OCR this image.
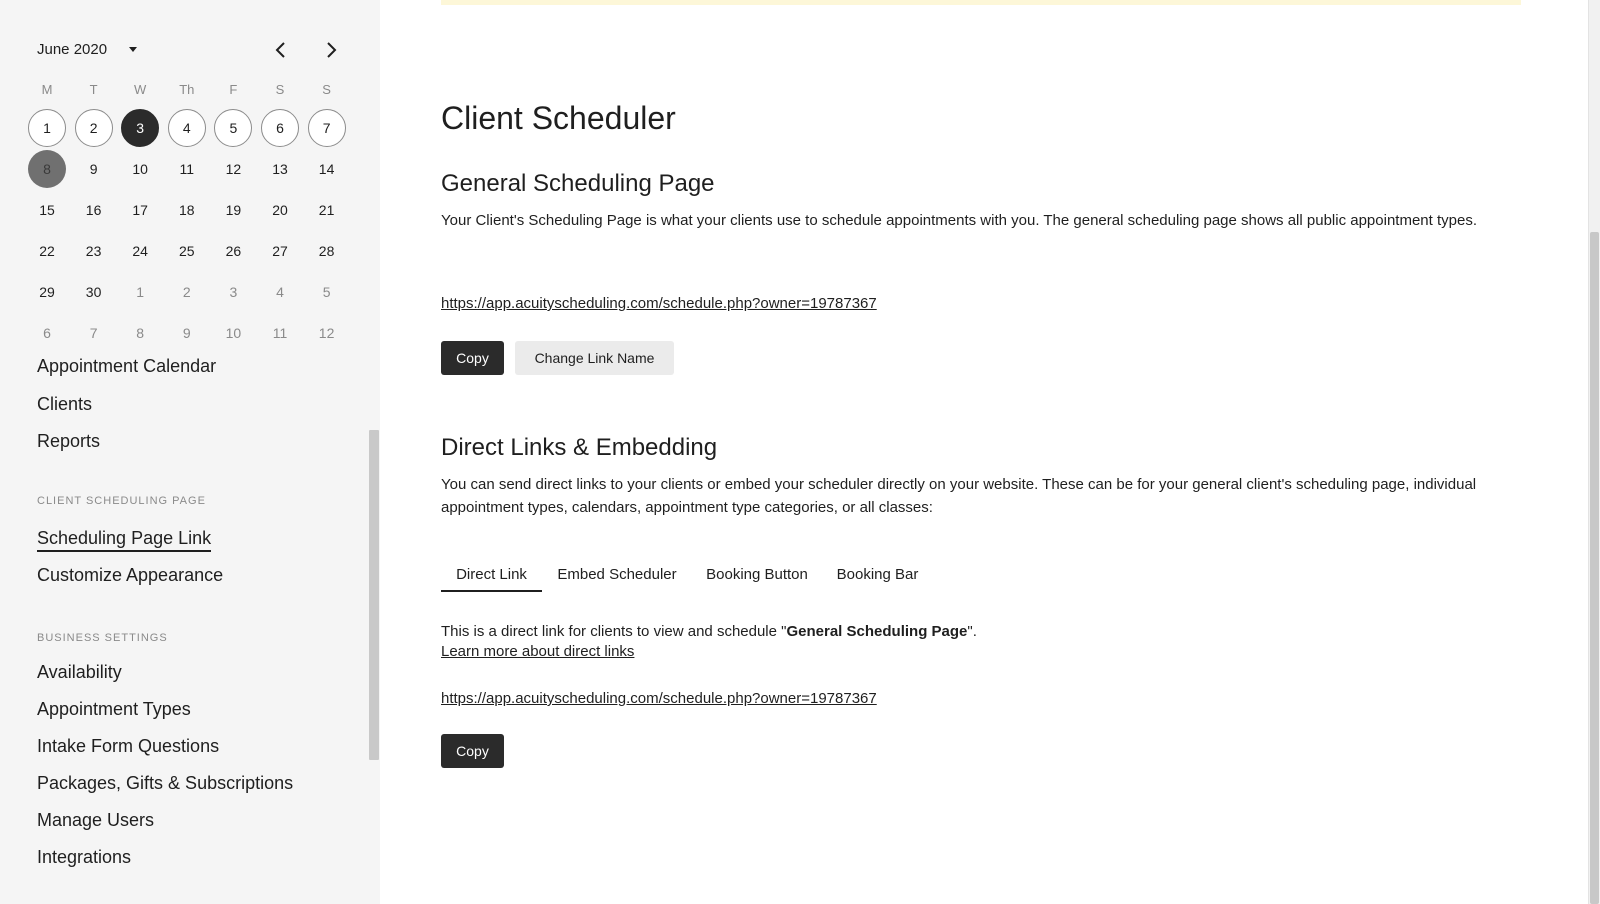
June 2020
M	T	W	Th	F	S	S
1	2	3	4	5	6	7
8	9	10	11	12	13	14
15	16	17	18	19	20	21
22	23	24	25	26	27	28
29	30	1	2	3	4	5
6	7	8	9	10	11	12
Appointment Calendar
Clients
Reports
CLIENT SCHEDULING PAGE
Scheduling Page Link
Customize Appearance
BUSINESS SETTINGS
Availability
Appointment Types
Intake Form Questions
Packages, Gifts & Subscriptions
Manage Users
Integrations
Client Scheduler
General Scheduling Page

Your Client's Scheduling Page is what your clients use to schedule appointments with you. The general scheduling page shows all public appointment types.

https://app.acuityscheduling.com/schedule.php?owner=19787367
Copy	Change Link Name
Direct Links & Embedding

You can send direct links to your clients or embed your scheduler directly on your website. These can be for your general client's scheduling page, individual appointment types, calendars, appointment type categories, or all classes:

Direct Link	Embed Scheduler Booking Button Booking Bar
This is a direct link for clients to view and schedule "General Scheduling Page".
Learn more about direct links
https://app.acuityscheduling.com/schedule.php?owner=19787367
Copy
